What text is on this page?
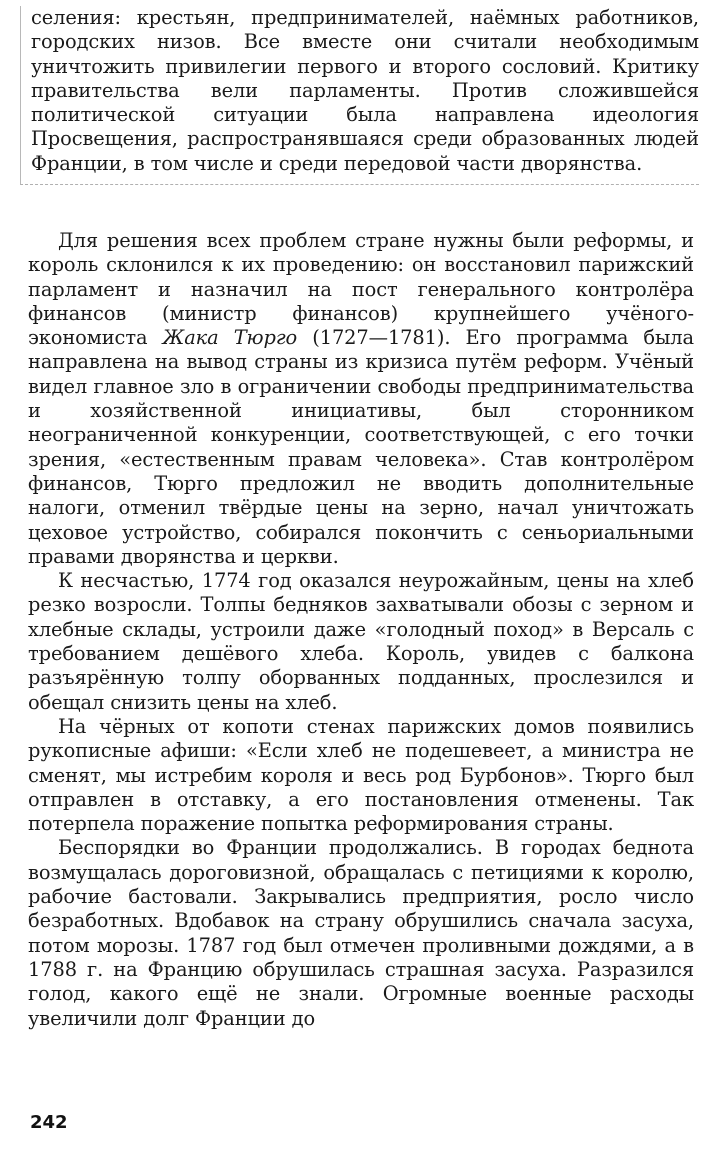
селения: крестьян, предпринимателей, наёмных работников, городских низов. Все вместе они считали необходимым уничтожить привилегии первого и второго сословий. Критику правительства вели парламенты. Против сложившейся политической ситуации была направлена идеология Просвещения, распространявшаяся среди образованных людей Франции, в том числе и среди передовой части дворянства.

Для решения всех проблем стране нужны были реформы, и король склонился к их проведению: он восстановил парижский парламент и назначил на пост генерального контролёра финансов (министр финансов) крупнейшего учёного-экономиста Жака Тюрго (1727—1781). Его программа была направлена на вывод страны из кризиса путём реформ. Учёный видел главное зло в ограничении свободы предпринимательства и хозяйственной инициативы, был сторонником неограниченной конкуренции, соответствующей, с его точки зрения, «естественным правам человека». Став контролёром финансов, Тюрго предложил не вводить дополнительные налоги, отменил твёрдые цены на зерно, начал уничтожать цеховое устройство, собирался покончить с сеньориальными правами дворянства и церкви.

К несчастью, 1774 год оказался неурожайным, цены на хлеб резко возросли. Толпы бедняков захватывали обозы с зерном и хлебные склады, устроили даже «голодный поход» в Версаль с требованием дешёвого хлеба. Король, увидев с балкона разъярённую толпу оборванных подданных, прослезился и обещал снизить цены на хлеб.

На чёрных от копоти стенах парижских домов появились рукописные афиши: «Если хлеб не подешевеет, а министра не сменят, мы истребим короля и весь род Бурбонов». Тюрго был отправлен в отставку, а его постановления отменены. Так потерпела поражение попытка реформирования страны.

Беспорядки во Франции продолжались. В городах беднота возмущалась дороговизной, обращалась с петициями к королю, рабочие бастовали. Закрывались предприятия, росло число безработных. Вдобавок на страну обрушились сначала засуха, потом морозы. 1787 год был отмечен проливными дождями, а в 1788 г. на Францию обрушилась страшная засуха. Разразился голод, какого ещё не знали. Огромные военные расходы увеличили долг Франции до

242
